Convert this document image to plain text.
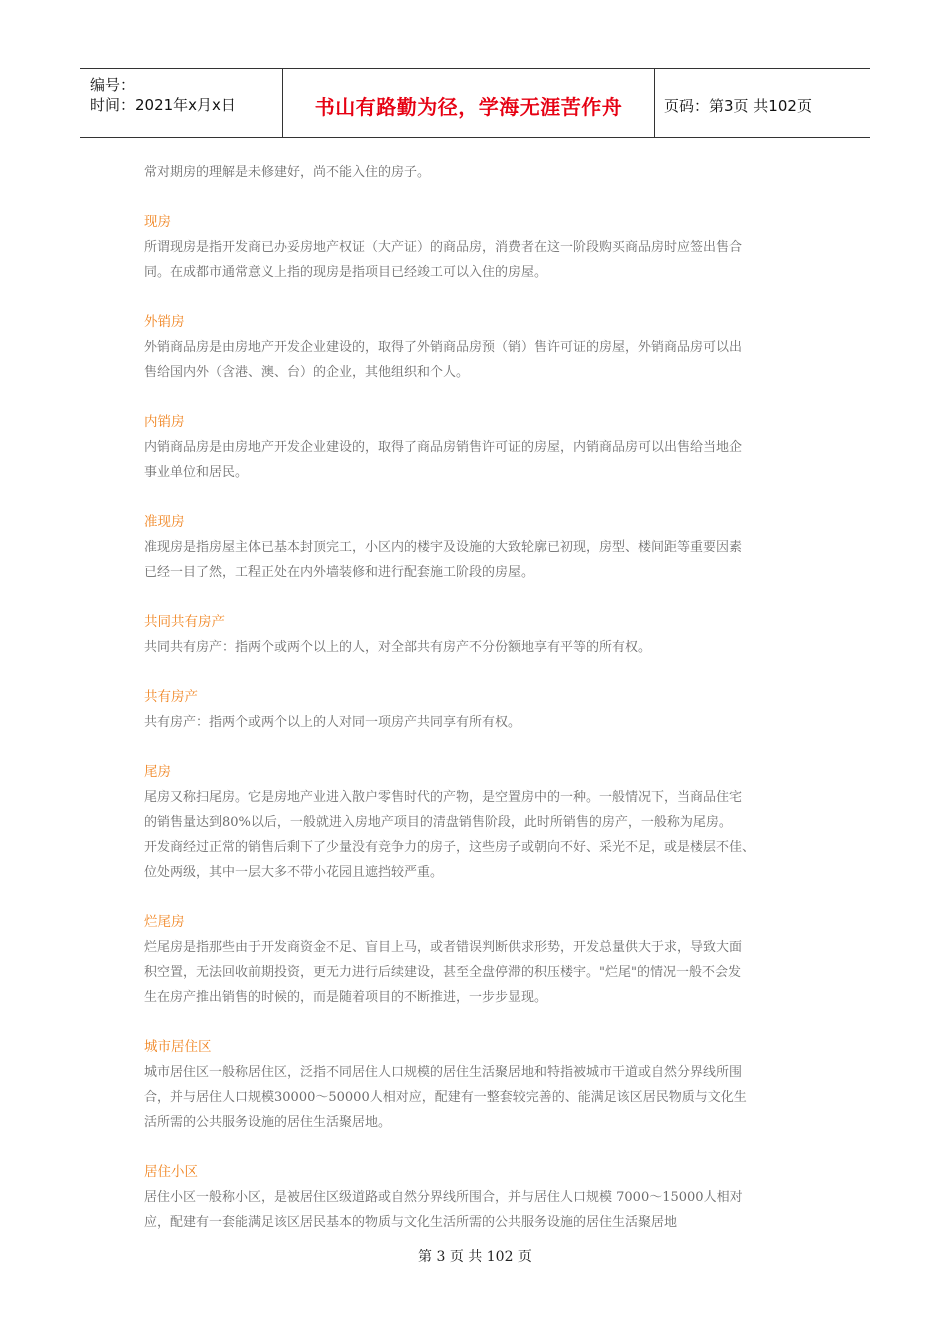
编号：
时间：2021年x月x日	书山有路勤为径，学海无涯苦作舟	页码：第3页 共102页

常对期房的理解是未修建好，尚不能入住的房子。

现房

所谓现房是指开发商已办妥房地产权证（大产证）的商品房，消费者在这一阶段购买商品房时应签出售合

同。在成都市通常意义上指的现房是指项目已经竣工可以入住的房屋。

外销房

外销商品房是由房地产开发企业建设的，取得了外销商品房预（销）售许可证的房屋，外销商品房可以出

售给国内外（含港、澳、台）的企业，其他组织和个人。

内销房

内销商品房是由房地产开发企业建设的，取得了商品房销售许可证的房屋，内销商品房可以出售给当地企

事业单位和居民。

准现房

准现房是指房屋主体已基本封顶完工，小区内的楼宇及设施的大致轮廓已初现，房型、楼间距等重要因素

已经一目了然，工程正处在内外墙装修和进行配套施工阶段的房屋。

共同共有房产

共同共有房产：指两个或两个以上的人，对全部共有房产不分份额地享有平等的所有权。

共有房产

共有房产：指两个或两个以上的人对同一项房产共同享有所有权。

尾房

尾房又称扫尾房。它是房地产业进入散户零售时代的产物，是空置房中的一种。一般情况下，当商品住宅

的销售量达到80%以后，一般就进入房地产项目的清盘销售阶段，此时所销售的房产，一般称为尾房。

开发商经过正常的销售后剩下了少量没有竞争力的房子，这些房子或朝向不好、采光不足，或是楼层不佳、

位处两级，其中一层大多不带小花园且遮挡较严重。

烂尾房

烂尾房是指那些由于开发商资金不足、盲目上马，或者错误判断供求形势，开发总量供大于求，导致大面

积空置，无法回收前期投资，更无力进行后续建设，甚至全盘停滞的积压楼宇。"烂尾"的情况一般不会发

生在房产推出销售的时候的，而是随着项目的不断推进，一步步显现。

城市居住区

城市居住区一般称居住区，泛指不同居住人口规模的居住生活聚居地和特指被城市干道或自然分界线所围

合，并与居住人口规模30000～50000人相对应，配建有一整套较完善的、能满足该区居民物质与文化生

活所需的公共服务设施的居住生活聚居地。

居住小区

居住小区一般称小区，是被居住区级道路或自然分界线所围合，并与居住人口规模 7000～15000人相对

应，配建有一套能满足该区居民基本的物质与文化生活所需的公共服务设施的居住生活聚居地

第 3 页 共 102 页
